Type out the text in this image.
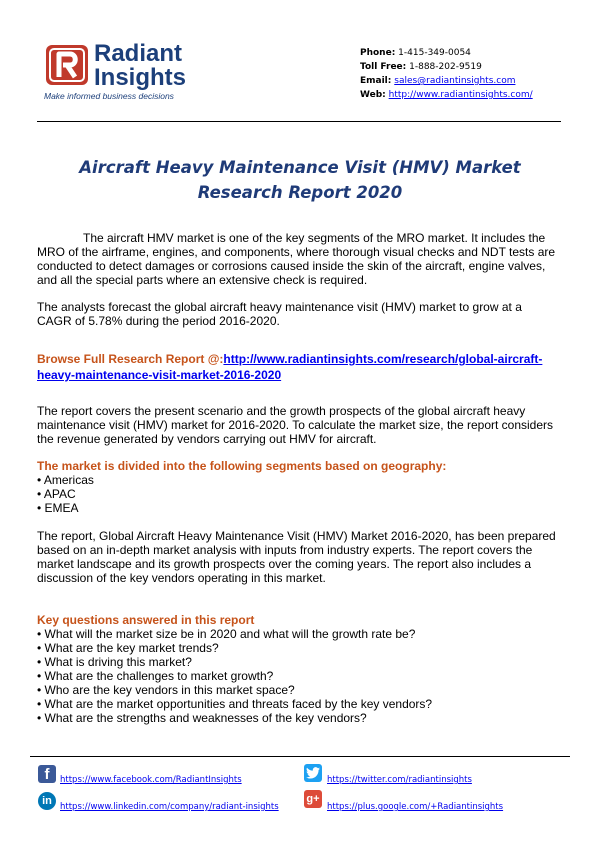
Radiant
Insights
Make informed business decisions
Phone: 1-415-349-0054
Toll Free: 1-888-202-9519
Email: sales@radiantinsights.com
Web: http://www.radiantinsights.com/
Aircraft Heavy Maintenance Visit (HMV) Market Research Report 2020
The aircraft HMV market is one of the key segments of the MRO market. It includes the MRO of the airframe, engines, and components, where thorough visual checks and NDT tests are conducted to detect damages or corrosions caused inside the skin of the aircraft, engine valves, and all the special parts where an extensive check is required.
The analysts forecast the global aircraft heavy maintenance visit (HMV) market to grow at a CAGR of 5.78% during the period 2016-2020.
Browse Full Research Report @:http://www.radiantinsights.com/research/global-aircraft-heavy-maintenance-visit-market-2016-2020
The report covers the present scenario and the growth prospects of the global aircraft heavy maintenance visit (HMV) market for 2016-2020. To calculate the market size, the report considers the revenue generated by vendors carrying out HMV for aircraft.
The market is divided into the following segments based on geography:
• Americas
• APAC
• EMEA
The report, Global Aircraft Heavy Maintenance Visit (HMV) Market 2016-2020, has been prepared based on an in-depth market analysis with inputs from industry experts. The report covers the market landscape and its growth prospects over the coming years. The report also includes a discussion of the key vendors operating in this market.
Key questions answered in this report
• What will the market size be in 2020 and what will the growth rate be?
• What are the key market trends?
• What is driving this market?
• What are the challenges to market growth?
• Who are the key vendors in this market space?
• What are the market opportunities and threats faced by the key vendors?
• What are the strengths and weaknesses of the key vendors?
f	https://www.facebook.com/RadiantInsights	https://twitter.com/radiantinsights
in https://www.linkedin.com/company/radiant-insights
g+
https://plus.google.com/+Radiantinsights
